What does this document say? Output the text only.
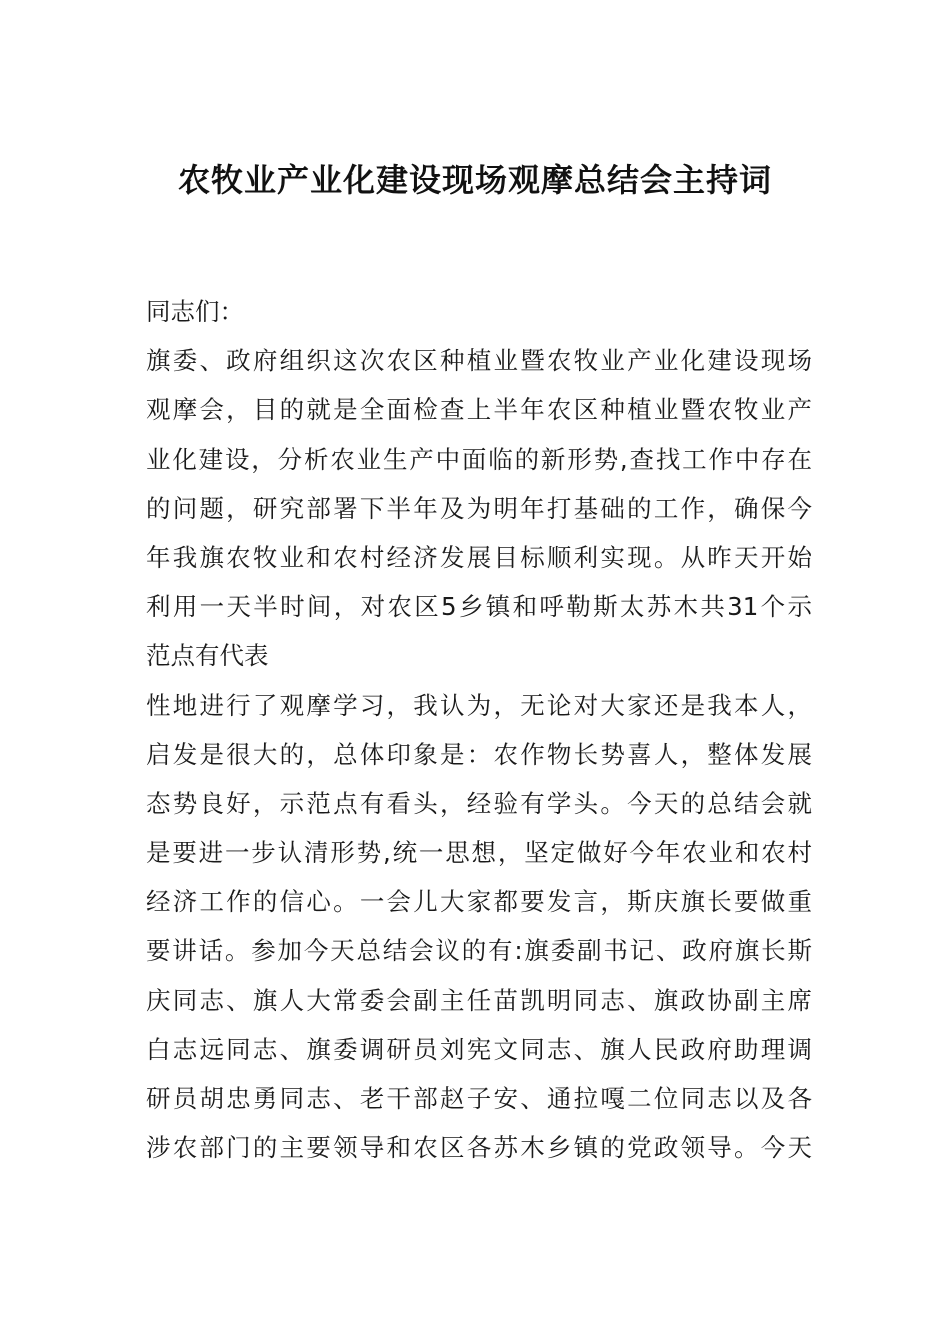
农牧业产业化建设现场观摩总结会主持词
同志们：
旗委、政府组织这次农区种植业暨农牧业产业化建设现场
观摩会，目的就是全面检查上半年农区种植业暨农牧业产
业化建设，分析农业生产中面临的新形势,查找工作中存在
的问题，研究部署下半年及为明年打基础的工作，确保今
年我旗农牧业和农村经济发展目标顺利实现。从昨天开始
利用一天半时间，对农区5乡镇和呼勒斯太苏木共31个示
范点有代表
性地进行了观摩学习，我认为，无论对大家还是我本人，
启发是很大的，总体印象是：农作物长势喜人，整体发展
态势良好，示范点有看头，经验有学头。今天的总结会就
是要进一步认清形势,统一思想，坚定做好今年农业和农村
经济工作的信心。一会儿大家都要发言，斯庆旗长要做重
要讲话。参加今天总结会议的有:旗委副书记、政府旗长斯
庆同志、旗人大常委会副主任苗凯明同志、旗政协副主席
白志远同志、旗委调研员刘宪文同志、旗人民政府助理调
研员胡忠勇同志、老干部赵子安、通拉嘎二位同志以及各
涉农部门的主要领导和农区各苏木乡镇的党政领导。今天
